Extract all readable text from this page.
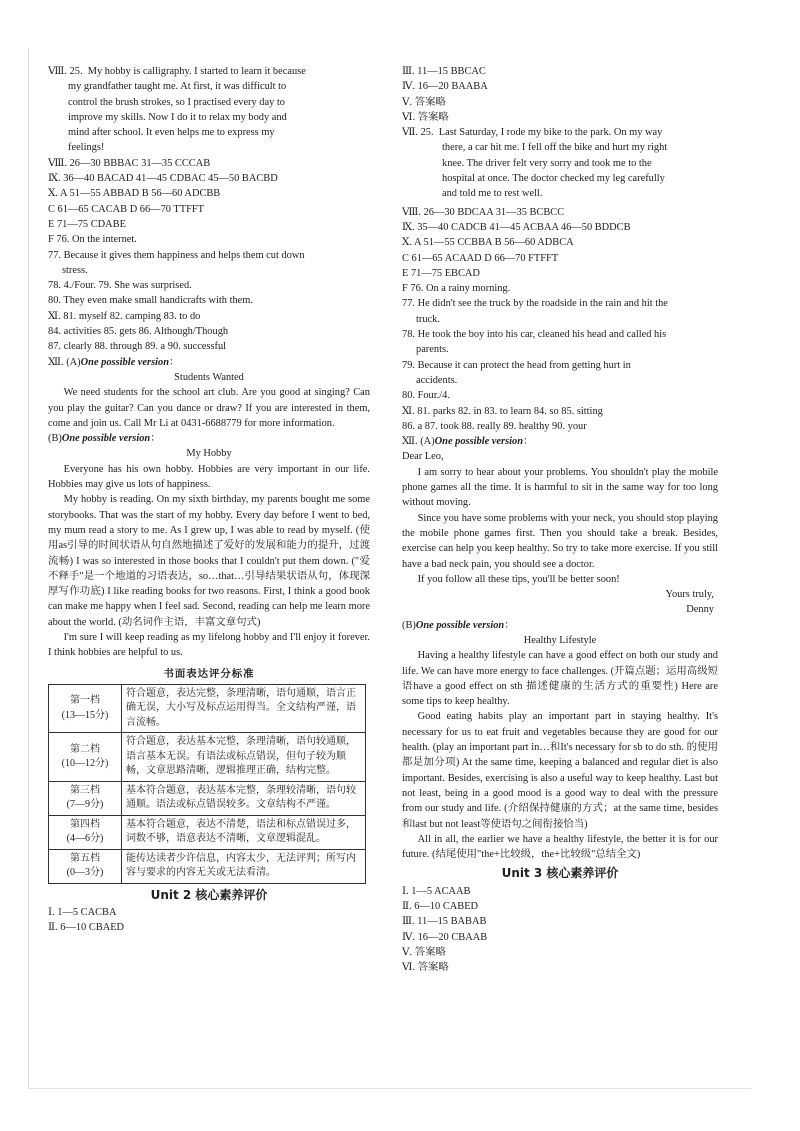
Ⅷ. 25. My hobby is calligraphy. I started to learn it because
my grandfather taught me. At first, it was difficult to
control the brush strokes, so I practised every day to
improve my skills. Now I do it to relax my body and
mind after school. It even helps me to express my
feelings!
Ⅷ. 26—30 BBBAC 31—35 CCCAB
Ⅸ. 36—40 BACAD 41—45 CDBAC 45—50 BACBD
Ⅹ. A 51—55 ABBAD B 56—60 ADCBB
C 61—65 CACAB D 66—70 TTFFT
E 71—75 CDABE
F 76. On the internet.
77. Because it gives them happiness and helps them cut down
stress.
78. 4./Four. 79. She was surprised.
80. They even make small handicrafts with them.
Ⅺ. 81. myself 82. camping 83. to do
84. activities 85. gets 86. Although/Though
87. clearly 88. through 89. a 90. successful
Ⅻ. (A)One possible version：
Students Wanted
We need students for the school art club. Are you good at singing? Can you play the guitar? Can you dance or draw? If you are interested in them, come and join us. Call Mr Li at 0431-6688779 for more information.
(B)One possible version：
My Hobby
Everyone has his own hobby. Hobbies are very important in our life. Hobbies may give us lots of happiness.
My hobby is reading. On my sixth birthday, my parents bought me some storybooks. That was the start of my hobby. Every day before I went to bed, my mum read a story to me. As I grew up, I was able to read by myself. (使用as引导的时间状语从句自然地描述了爱好的发展和能力的提升，过渡流畅) I was so interested in those books that I couldn't put them down. ("爱不释手"是一个地道的习语表达，so…that…引导结果状语从句，体现深厚写作功底) I like reading books for two reasons. First, I think a good book can make me happy when I feel sad. Second, reading can help me learn more about the world. (动名词作主语，丰富文章句式)
I'm sure I will keep reading as my lifelong hobby and I'll enjoy it forever. I think hobbies are helpful to us.
书面表达评分标准
第一档
(13—15分)	符合题意，表达完整，条理清晰，语句通顺，语言正确无误，大小写及标点运用得当。全文结构严谨，语言流畅。

第二档
(10—12分)	符合题意，表达基本完整，条理清晰，语句较通顺，语言基本无误。有语法或标点错误，但句子较为顺畅，文章思路清晰，逻辑推理正确，结构完整。

第三档
(7—9分)	基本符合题意，表达基本完整，条理较清晰，语句较通顺。语法或标点错误较多。文章结构不严谨。

第四档
(4—6分)	基本符合题意，表达不清楚，语法和标点错误过多，词数不够，语意表达不清晰，文章逻辑混乱。

第五档
(0—3分)	能传达读者少许信息，内容太少，无法评判；所写内容与要求的内容无关或无法看清。
Unit 2 核心素养评价
Ⅰ. 1—5 CACBA
Ⅱ. 6—10 CBAED
Ⅲ. 11—15 BBCAC
Ⅳ. 16—20 BAABA
Ⅴ. 答案略
Ⅵ. 答案略
Ⅶ. 25. Last Saturday, I rode my bike to the park. On my way
there, a car hit me. I fell off the bike and hurt my right
knee. The driver felt very sorry and took me to the
hospital at once. The doctor checked my leg carefully
and told me to rest well.
Ⅷ. 26—30 BDCAA 31—35 BCBCC
Ⅸ. 35—40 CADCB 41—45 ACBAA 46—50 BDDCB
Ⅹ. A 51—55 CCBBA B 56—60 ADBCA
C 61—65 ACAAD D 66—70 FTFFT
E 71—75 EBCAD
F 76. On a rainy morning.
77. He didn't see the truck by the roadside in the rain and hit the
truck.
78. He took the boy into his car, cleaned his head and called his
parents.
79. Because it can protect the head from getting hurt in
accidents.
80. Four./4.
Ⅺ. 81. parks 82. in 83. to learn 84. so 85. sitting
86. a 87. took 88. really 89. healthy 90. your
Ⅻ. (A)One possible version：
Dear Leo,
I am sorry to hear about your problems. You shouldn't play the mobile phone games all the time. It is harmful to sit in the same way for too long without moving.
Since you have some problems with your neck, you should stop playing the mobile phone games first. Then you should take a break. Besides, exercise can help you keep healthy. So try to take more exercise. If you still have a bad neck pain, you should see a doctor.
If you follow all these tips, you'll be better soon!
Yours truly,
Denny
(B)One possible version：
Healthy Lifestyle
Having a healthy lifestyle can have a good effect on both our study and life. We can have more energy to face challenges. (开篇点题；运用高级短语have a good effect on sth 描述健康的生活方式的重要性) Here are some tips to keep healthy.
Good eating habits play an important part in staying healthy. It's necessary for us to eat fruit and vegetables because they are good for our health. (play an important part in…和It's necessary for sb to do sth. 的使用都是加分项) At the same time, keeping a balanced and regular diet is also important. Besides, exercising is also a useful way to keep healthy. Last but not least, being in a good mood is a good way to deal with the pressure from our study and life. (介绍保持健康的方式；at the same time, besides和last but not least等使语句之间衔接恰当)
All in all, the earlier we have a healthy lifestyle, the better it is for our future. (结尾使用"the+比较级，the+比较级"总结全文)
Unit 3 核心素养评价
Ⅰ. 1—5 ACAAB
Ⅱ. 6—10 CABED
Ⅲ. 11—15 BABAB
Ⅳ. 16—20 CBAAB
Ⅴ. 答案略
Ⅵ. 答案略
